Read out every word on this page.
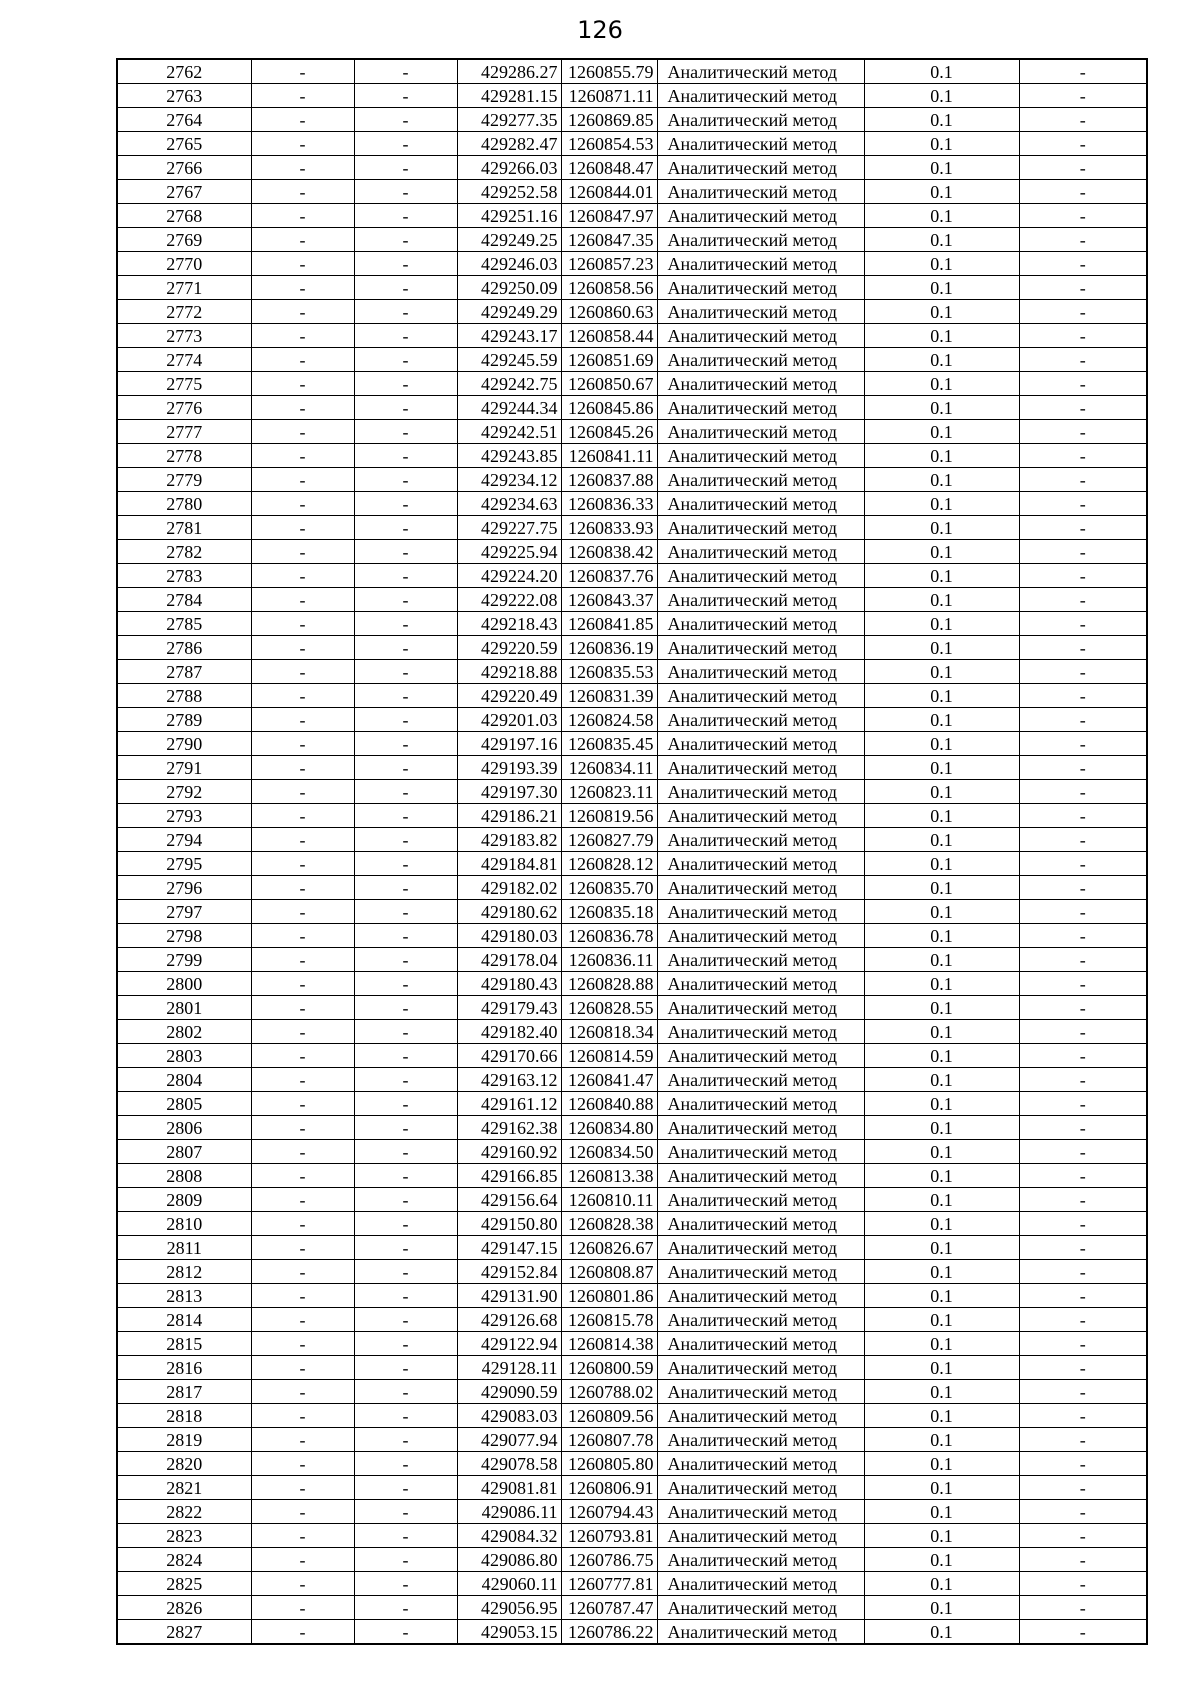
126
2762	-	-	429286.27	1260855.79	Аналитический метод	0.1	-
2763	-	-	429281.15	1260871.11	Аналитический метод	0.1	-
2764	-	-	429277.35	1260869.85	Аналитический метод	0.1	-
2765	-	-	429282.47	1260854.53	Аналитический метод	0.1	-
2766	-	-	429266.03	1260848.47	Аналитический метод	0.1	-
2767	-	-	429252.58	1260844.01	Аналитический метод	0.1	-
2768	-	-	429251.16	1260847.97	Аналитический метод	0.1	-
2769	-	-	429249.25	1260847.35	Аналитический метод	0.1	-
2770	-	-	429246.03	1260857.23	Аналитический метод	0.1	-
2771	-	-	429250.09	1260858.56	Аналитический метод	0.1	-
2772	-	-	429249.29	1260860.63	Аналитический метод	0.1	-
2773	-	-	429243.17	1260858.44	Аналитический метод	0.1	-
2774	-	-	429245.59	1260851.69	Аналитический метод	0.1	-
2775	-	-	429242.75	1260850.67	Аналитический метод	0.1	-
2776	-	-	429244.34	1260845.86	Аналитический метод	0.1	-
2777	-	-	429242.51	1260845.26	Аналитический метод	0.1	-
2778	-	-	429243.85	1260841.11	Аналитический метод	0.1	-
2779	-	-	429234.12	1260837.88	Аналитический метод	0.1	-
2780	-	-	429234.63	1260836.33	Аналитический метод	0.1	-
2781	-	-	429227.75	1260833.93	Аналитический метод	0.1	-
2782	-	-	429225.94	1260838.42	Аналитический метод	0.1	-
2783	-	-	429224.20	1260837.76	Аналитический метод	0.1	-
2784	-	-	429222.08	1260843.37	Аналитический метод	0.1	-
2785	-	-	429218.43	1260841.85	Аналитический метод	0.1	-
2786	-	-	429220.59	1260836.19	Аналитический метод	0.1	-
2787	-	-	429218.88	1260835.53	Аналитический метод	0.1	-
2788	-	-	429220.49	1260831.39	Аналитический метод	0.1	-
2789	-	-	429201.03	1260824.58	Аналитический метод	0.1	-
2790	-	-	429197.16	1260835.45	Аналитический метод	0.1	-
2791	-	-	429193.39	1260834.11	Аналитический метод	0.1	-
2792	-	-	429197.30	1260823.11	Аналитический метод	0.1	-
2793	-	-	429186.21	1260819.56	Аналитический метод	0.1	-
2794	-	-	429183.82	1260827.79	Аналитический метод	0.1	-
2795	-	-	429184.81	1260828.12	Аналитический метод	0.1	-
2796	-	-	429182.02	1260835.70	Аналитический метод	0.1	-
2797	-	-	429180.62	1260835.18	Аналитический метод	0.1	-
2798	-	-	429180.03	1260836.78	Аналитический метод	0.1	-
2799	-	-	429178.04	1260836.11	Аналитический метод	0.1	-
2800	-	-	429180.43	1260828.88	Аналитический метод	0.1	-
2801	-	-	429179.43	1260828.55	Аналитический метод	0.1	-
2802	-	-	429182.40	1260818.34	Аналитический метод	0.1	-
2803	-	-	429170.66	1260814.59	Аналитический метод	0.1	-
2804	-	-	429163.12	1260841.47	Аналитический метод	0.1	-
2805	-	-	429161.12	1260840.88	Аналитический метод	0.1	-
2806	-	-	429162.38	1260834.80	Аналитический метод	0.1	-
2807	-	-	429160.92	1260834.50	Аналитический метод	0.1	-
2808	-	-	429166.85	1260813.38	Аналитический метод	0.1	-
2809	-	-	429156.64	1260810.11	Аналитический метод	0.1	-
2810	-	-	429150.80	1260828.38	Аналитический метод	0.1	-
2811	-	-	429147.15	1260826.67	Аналитический метод	0.1	-
2812	-	-	429152.84	1260808.87	Аналитический метод	0.1	-
2813	-	-	429131.90	1260801.86	Аналитический метод	0.1	-
2814	-	-	429126.68	1260815.78	Аналитический метод	0.1	-
2815	-	-	429122.94	1260814.38	Аналитический метод	0.1	-
2816	-	-	429128.11	1260800.59	Аналитический метод	0.1	-
2817	-	-	429090.59	1260788.02	Аналитический метод	0.1	-
2818	-	-	429083.03	1260809.56	Аналитический метод	0.1	-
2819	-	-	429077.94	1260807.78	Аналитический метод	0.1	-
2820	-	-	429078.58	1260805.80	Аналитический метод	0.1	-
2821	-	-	429081.81	1260806.91	Аналитический метод	0.1	-
2822	-	-	429086.11	1260794.43	Аналитический метод	0.1	-
2823	-	-	429084.32	1260793.81	Аналитический метод	0.1	-
2824	-	-	429086.80	1260786.75	Аналитический метод	0.1	-
2825	-	-	429060.11	1260777.81	Аналитический метод	0.1	-
2826	-	-	429056.95	1260787.47	Аналитический метод	0.1	-
2827	-	-	429053.15	1260786.22	Аналитический метод	0.1	-
